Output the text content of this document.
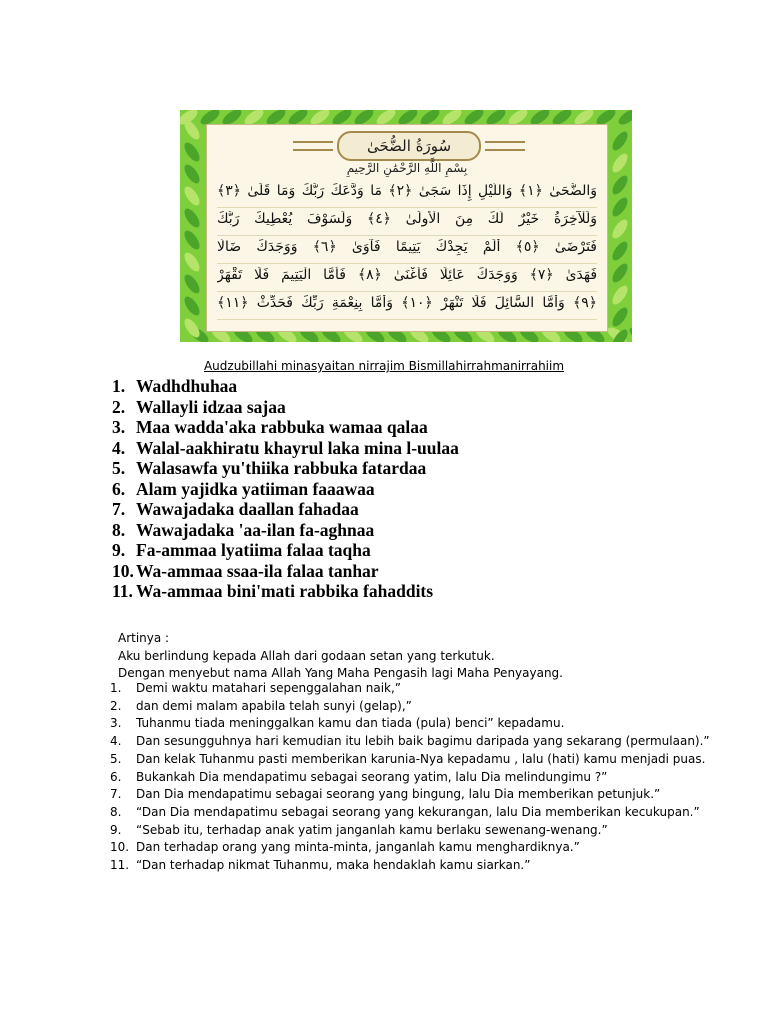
سُورَةُ الضُّحَىٰ
بِسْمِ اللَّهِ الرَّحْمَٰنِ الرَّحِيمِ
وَالضُّحَىٰ ﴿١﴾ وَاللَّيْلِ إِذَا سَجَىٰ ﴿٢﴾ مَا وَدَّعَكَ رَبُّكَ وَمَا قَلَىٰ ﴿٣﴾
وَلَلْآخِرَةُ خَيْرٌ لَّكَ مِنَ الْأُولَىٰ ﴿٤﴾ وَلَسَوْفَ يُعْطِيكَ رَبُّكَ
فَتَرْضَىٰ ﴿٥﴾ أَلَمْ يَجِدْكَ يَتِيمًا فَآوَىٰ ﴿٦﴾ وَوَجَدَكَ ضَالًّا
فَهَدَىٰ ﴿٧﴾ وَوَجَدَكَ عَائِلًا فَأَغْنَىٰ ﴿٨﴾ فَأَمَّا الْيَتِيمَ فَلَا تَقْهَرْ
﴿٩﴾ وَأَمَّا السَّائِلَ فَلَا تَنْهَرْ ﴿١٠﴾ وَأَمَّا بِنِعْمَةِ رَبِّكَ فَحَدِّثْ ﴿١١﴾
Audzubillahi minasyaitan nirrajim Bismillahirrahmanirrahiim
1. Wadhdhuhaa
2. Wallayli idzaa sajaa
3. Maa wadda'aka rabbuka wamaa qalaa
4. Walal-aakhiratu khayrul laka mina l-uulaa
5. Walasawfa yu'thiika rabbuka fatardaa
6. Alam yajidka yatiiman faaawaa
7. Wawajadaka daallan fahadaa
8. Wawajadaka 'aa-ilan fa-aghnaa
9. Fa-ammaa lyatiima falaa taqha
10. Wa-ammaa ssaa-ila falaa tanhar
11. Wa-ammaa bini'mati rabbika fahaddits
Artinya :
Aku berlindung kepada Allah dari godaan setan yang terkutuk.
Dengan menyebut nama Allah Yang Maha Pengasih lagi Maha Penyayang.
1.	Demi waktu matahari sepenggalahan naik,”
2.	dan demi malam apabila telah sunyi (gelap),”
3.	Tuhanmu tiada meninggalkan kamu dan tiada (pula) benci” kepadamu.
4.	Dan sesungguhnya hari kemudian itu lebih baik bagimu daripada yang sekarang (permulaan).”
5.	Dan kelak Tuhanmu pasti memberikan karunia-Nya kepadamu , lalu (hati) kamu menjadi puas.
6.	Bukankah Dia mendapatimu sebagai seorang yatim, lalu Dia melindungimu ?”
7.	Dan Dia mendapatimu sebagai seorang yang bingung, lalu Dia memberikan petunjuk.”
8.	“Dan Dia mendapatimu sebagai seorang yang kekurangan, lalu Dia memberikan kecukupan.”
9.	“Sebab itu, terhadap anak yatim janganlah kamu berlaku sewenang-wenang.”
10. Dan terhadap orang yang minta-minta, janganlah kamu menghardiknya.”
11. “Dan terhadap nikmat Tuhanmu, maka hendaklah kamu siarkan.”
